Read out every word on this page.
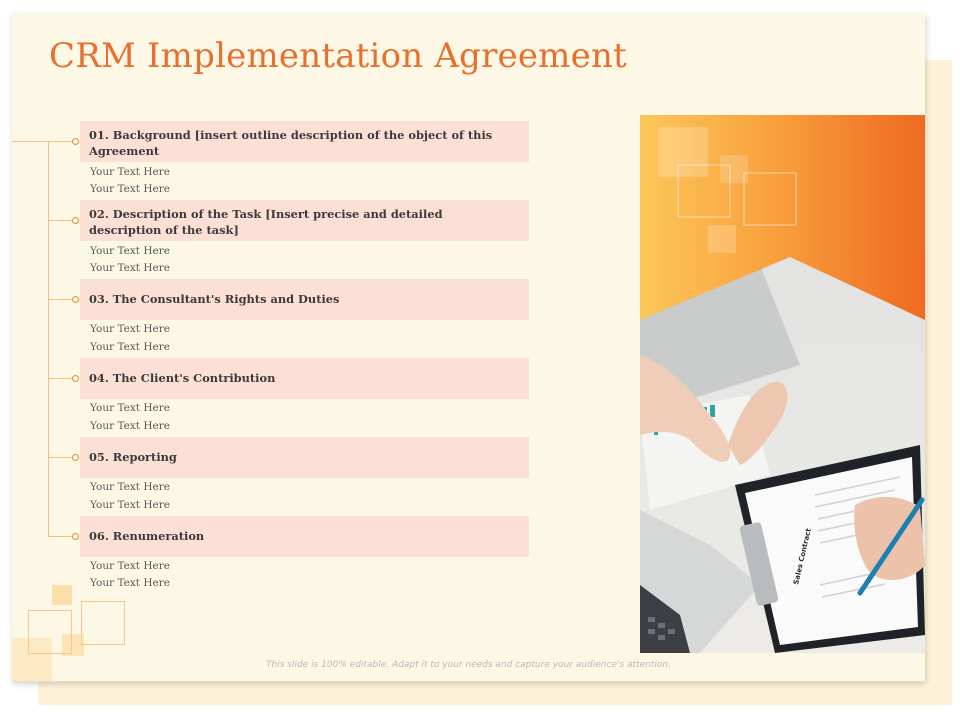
CRM Implementation Agreement
01. Background [insert outline description of the object of this
Agreement
Your Text Here
Your Text Here
02. Description of the Task [Insert precise and detailed
description of the task]
Your Text Here
Your Text Here
03. The Consultant's Rights and Duties
Your Text Here
Your Text Here
04. The Client's Contribution
Your Text Here
Your Text Here
05. Reporting
Your Text Here
Your Text Here
06. Renumeration
Your Text Here
Your Text Here	Sales Contract
This slide is 100% editable. Adapt it to your needs and capture your audience's attention.
